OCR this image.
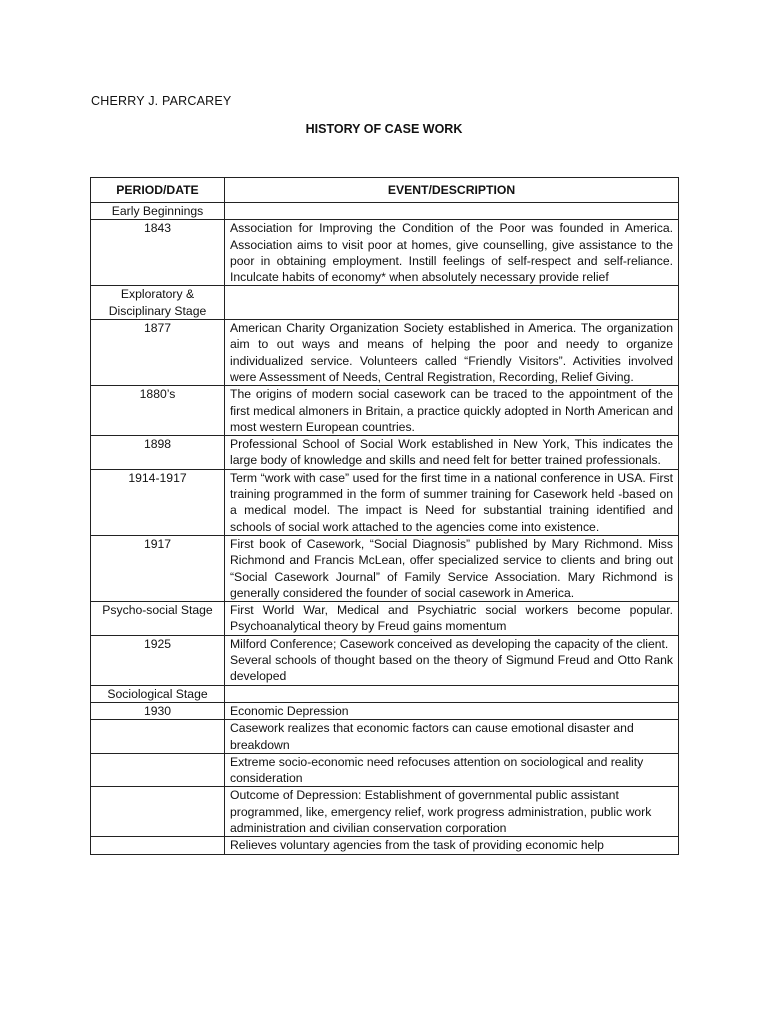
CHERRY J. PARCAREY
HISTORY OF CASE WORK
PERIOD/DATE	EVENT/DESCRIPTION
Early Beginnings	
1843	Association for Improving the Condition of the Poor was founded in America. Association aims to visit poor at homes, give counselling, give assistance to the poor in obtaining employment. Instill feelings of self-respect and self-reliance. Inculcate habits of economy* when absolutely necessary provide relief
Exploratory & Disciplinary Stage	
1877	American Charity Organization Society established in America. The organization aim to out ways and means of helping the poor and needy to organize individualized service. Volunteers called “Friendly Visitors”. Activities involved were Assessment of Needs, Central Registration, Recording, Relief Giving.
1880’s	The origins of modern social casework can be traced to the appointment of the first medical almoners in Britain, a practice quickly adopted in North American and most western European countries.
1898	Professional School of Social Work established in New York, This indicates the large body of knowledge and skills and need felt for better trained professionals.
1914-1917	Term “work with case” used for the first time in a national conference in USA. First training programmed in the form of summer training for Casework held -based on a medical model. The impact is Need for substantial training identified and schools of social work attached to the agencies come into existence.
1917	First book of Casework, “Social Diagnosis” published by Mary Richmond. Miss Richmond and Francis McLean, offer specialized service to clients and bring out “Social Casework Journal” of Family Service Association. Mary Richmond is generally considered the founder of social casework in America.
Psycho-social Stage	First World War, Medical and Psychiatric social workers become popular. Psychoanalytical theory by Freud gains momentum
1925	Milford Conference; Casework conceived as developing the capacity of the client.
Several schools of thought based on the theory of Sigmund Freud and Otto Rank developed

Sociological Stage	
1930	Economic Depression
	Casework realizes that economic factors can cause emotional disaster and breakdown
	Extreme socio-economic need refocuses attention on sociological and reality consideration
	Outcome of Depression: Establishment of governmental public assistant programmed, like, emergency relief, work progress administration, public work administration and civilian conservation corporation
	Relieves voluntary agencies from the task of providing economic help
